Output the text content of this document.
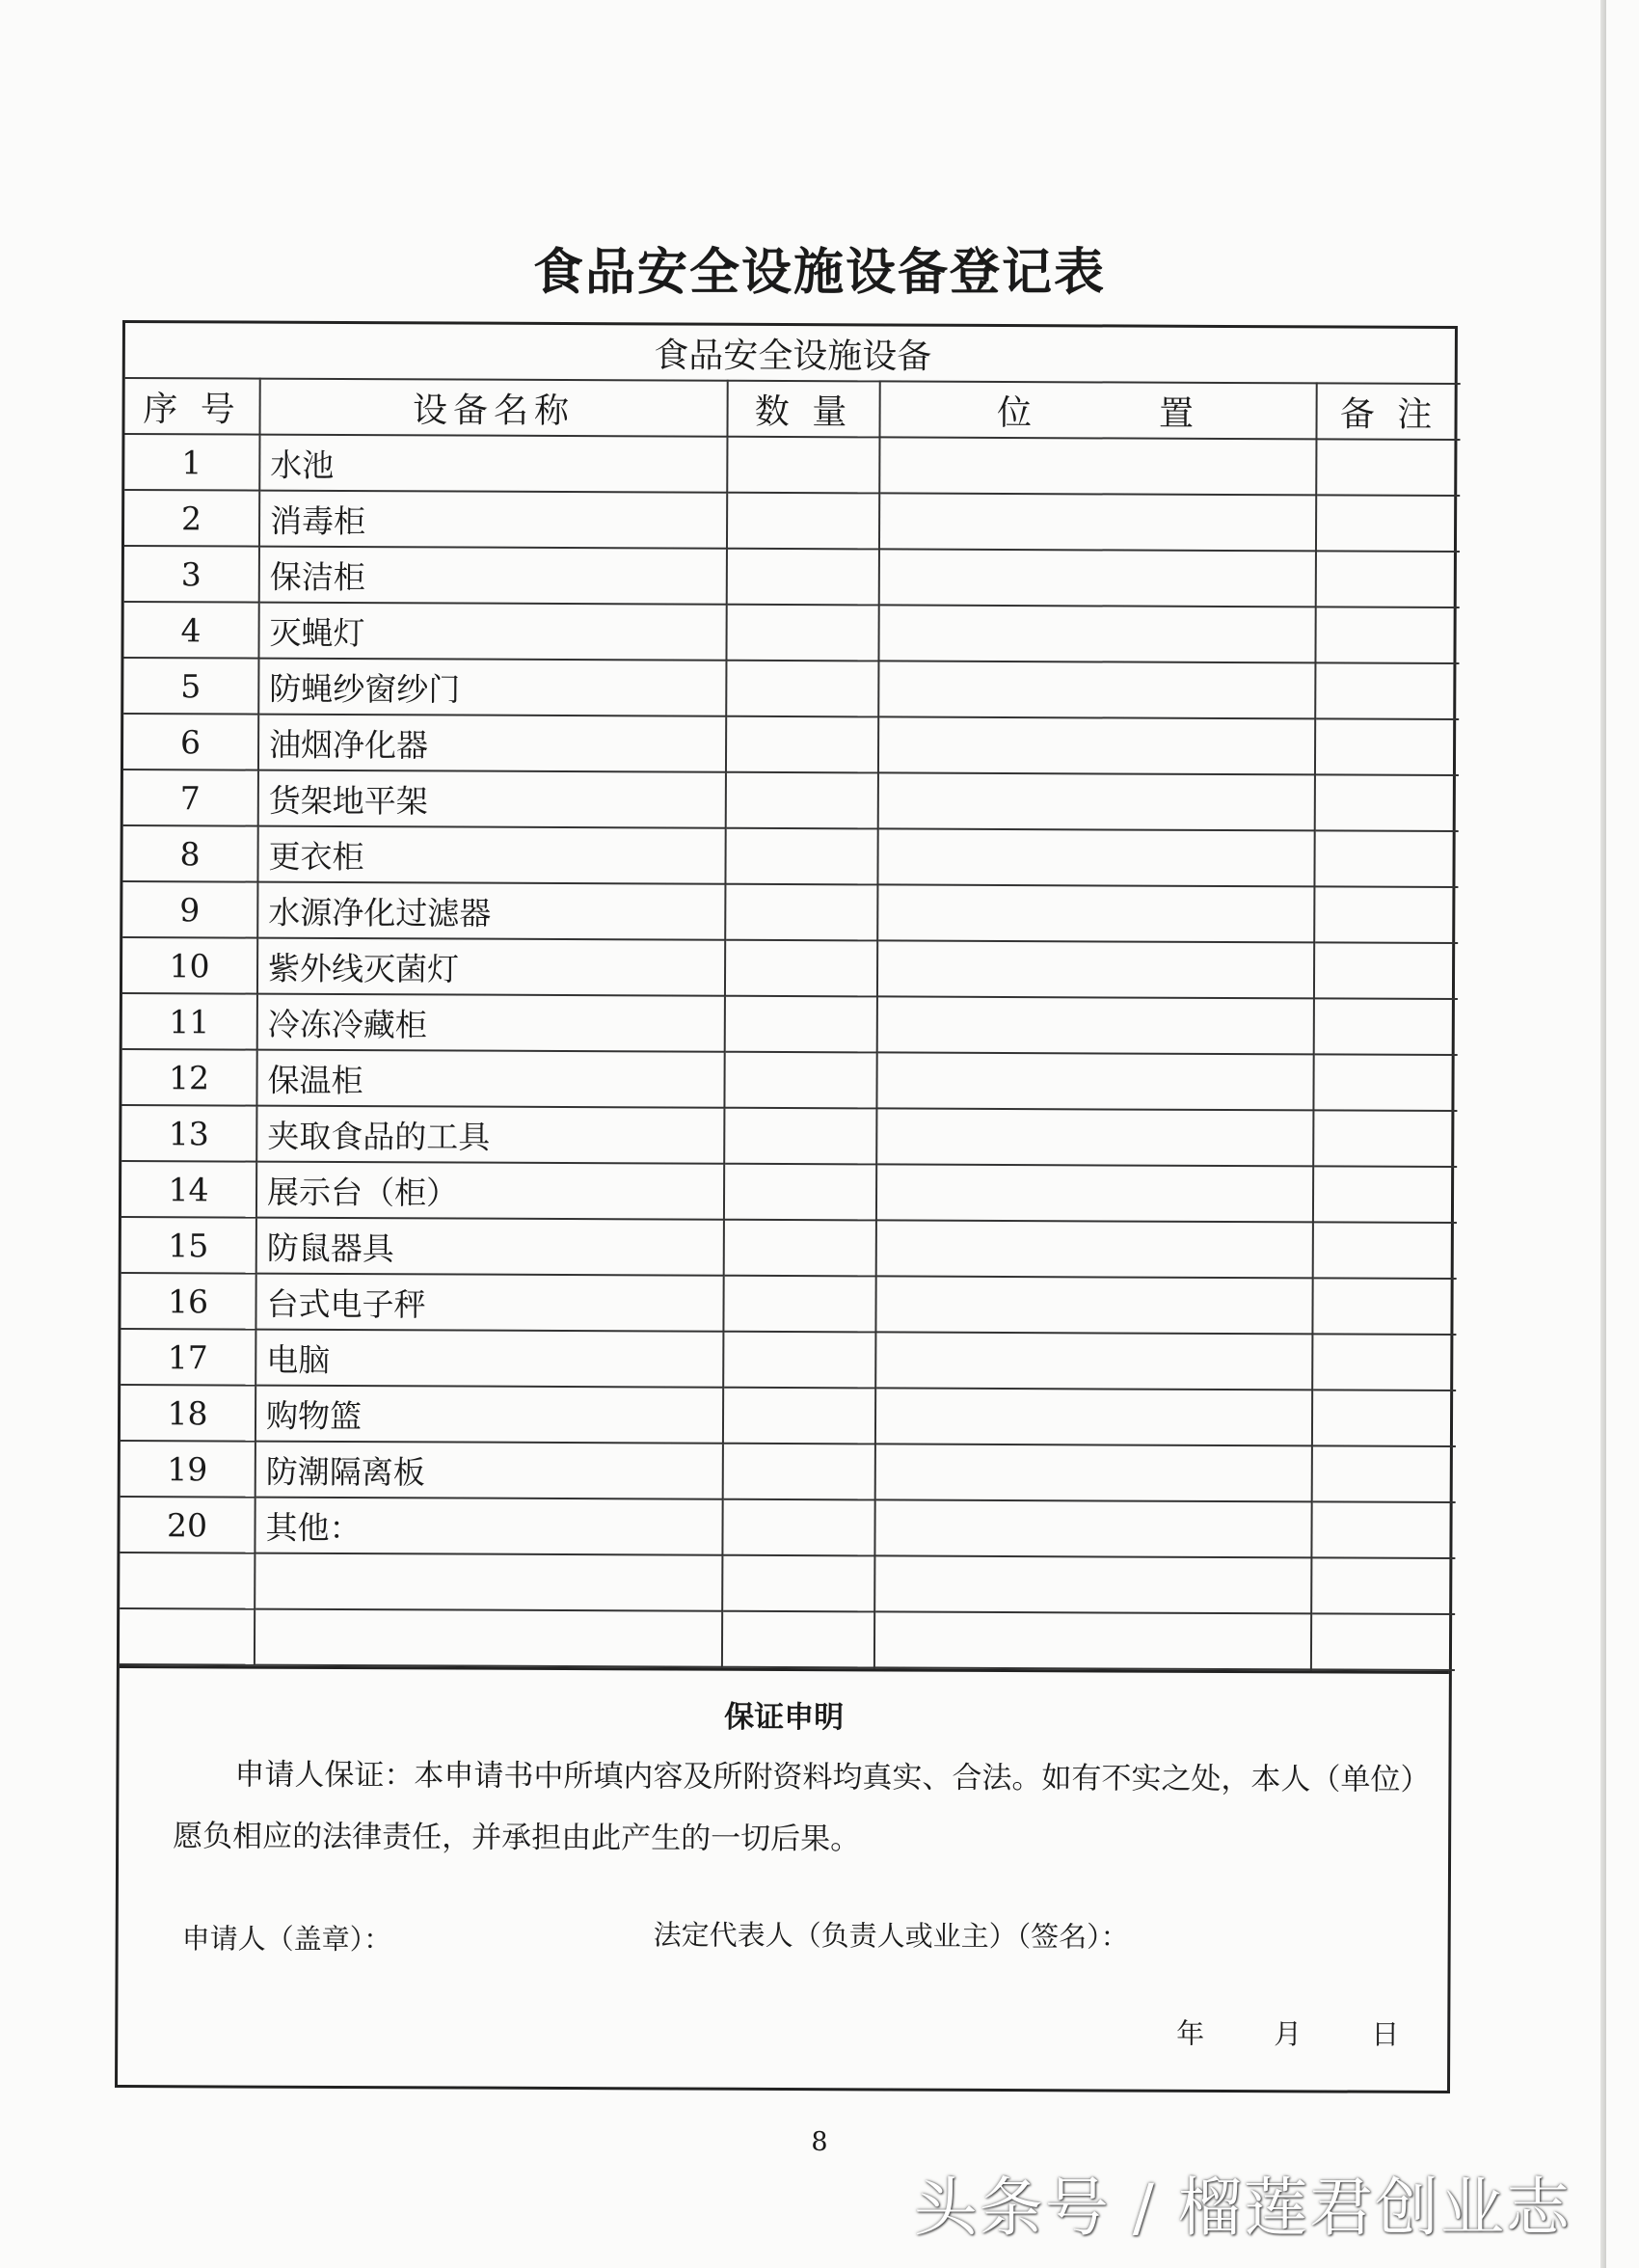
食品安全设施设备登记表
食品安全设施设备				
序 号	设备名称	数 量	位　　　置	备 注
1	水池			
2	消毒柜			
3	保洁柜			
4	灭蝇灯			
5	防蝇纱窗纱门			
6	油烟净化器			
7	货架地平架			
8	更衣柜			
9	水源净化过滤器			
10	紫外线灭菌灯			
11	冷冻冷藏柜			
12	保温柜			
13	夹取食品的工具			
14	展示台（柜）			
15	防鼠器具			
16	台式电子秤			
17	电脑			
18	购物篮			
19	防潮隔离板			
20	其他：			

保证申明
申请人保证：本申请书中所填内容及所附资料均真实、合法。如有不实之处，本人（单位）愿负相应的法律责任，并承担由此产生的一切后果。
申请人（盖章）：	法定代表人（负责人或业主）（签名）：
年 月 日
8
头条号 / 榴莲君创业志
